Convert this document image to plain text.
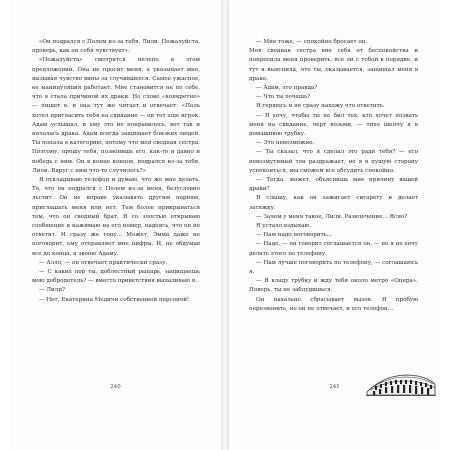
«Он подрался с Полем из-за тебя, Лили. Пожалуйста, проверь, как он себя чувствует».

«Пожалуйста» смотрится нелепо в этом предложении. Она не просит меня, а указывает мне, вызывая чувство вины за случившееся. Самое ужасное, ее манипуляция работает. Мне становится не по себе, что я стала причиной их драки. Но слово «конкретно» — пишет в, и она тут же читает и отвечает: «Поль хотел пригласить тебя на свидание — он тот еще игрок. Адам услышал, и ему это не понравилось, вот так и началась драка. Адам всегда защищает близких людей. Ты попала в категорию, потому что моя сводная сестра. Поэтому, прошу тебя, позвонишь его, как-то и давно и победь с ним. Он в конце концов, подрался из-за тебя, Лили. Вдруг с ним что-то случилось?»

Я откладываю телефон и думаю, что же мне делать. То, что он подрался с Полем из-за меня, безусловно льстит. Он не вправе указывать другим парням, приглашать меня или нет. Тем более прикрываться тем, что он сводный брат. Я со злостью открываю сообщение и нажимаю на его номер, надеясь, что он не ответит. И сразу же тону... Может, Эмма даже не поговорит, ему отправляет мне цифры. И, не обдумав все до конца, я звоню Адаму.

— Алло, — он отвечает практически сразу.

— С каких пор ты, доблестный рыцарь, защищаешь мою добродетель? — вместо приветствия выпаливаю я.

— Лили?

— Нет, Екатерина Медичи собственной персоной!

240

— Мне тоже, — спокойно бросает он.

Моя сводная сестра вне себя от беспокойства и попросила меня проверить, все ли с тобой в порядке, и тут я выяснила, что ты, оказывается, защищал меня в драке.

— Адам, это правда?

— Что ты хочешь?

Я теряюсь и не сразу нахожу что ответить.

— Я хочу, чтобы ты не бил тех, кто хочет позвать меня на свидание, черт возьми, — тихо шепчу я в домашнюю трубку.

— Это невозможно.

— Ты сказал, что я сделал это ради тебя? — его невозмутимый тон раздражает, но я в пущую сторону успокоиться, мы сможем все обсудить спокойно.

— Тогда, может, объяснишь мне причину вашей драки?

Я слышу, как он зажигает сигарету и делает затяжку.

— Зачем у меня такое, Лили. Развлечение... Ясно?

Я устало вздыхаю.

— Нам надо поговорить...

— Надо, — он говорит соглашается он, — но я не хочу делать этого по телефону.

— Нам лучше поговорить по телефону, — соглашаюсь я.

— Я кладу трубку и жду тебя около метро «Опера». Поверь, ты не заблудишься.

Он нахально сбрасывает вызов. Я пробую перезвонить, но он не отвечает, и его телефон...

241
